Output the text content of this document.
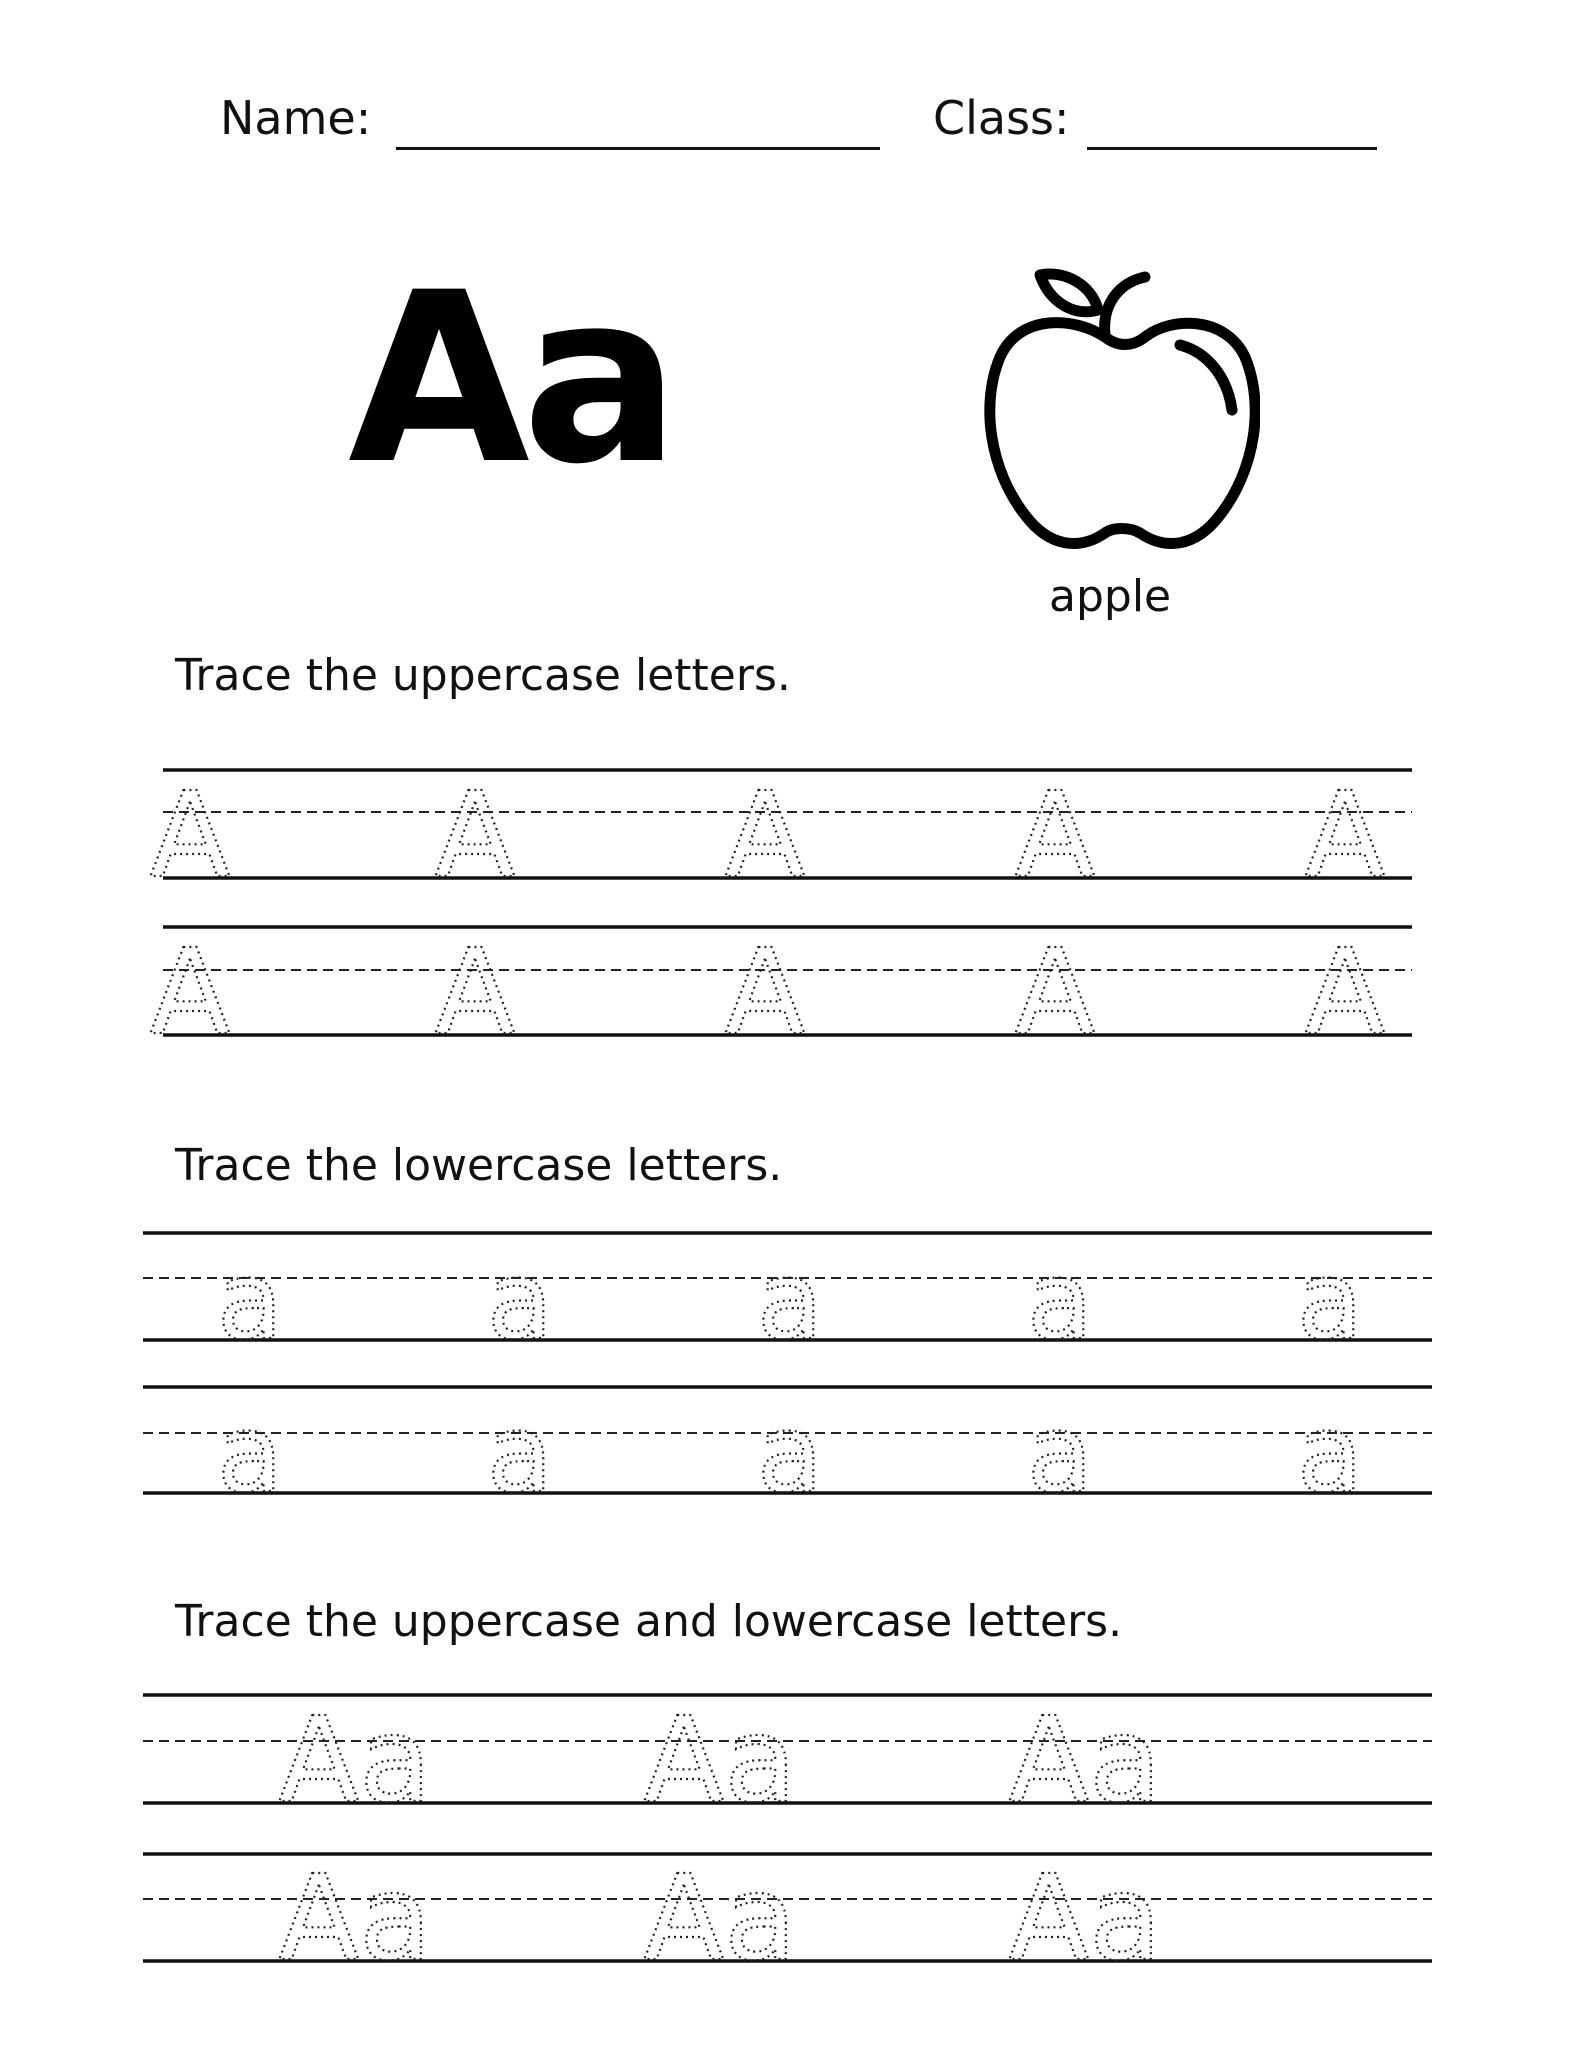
Name:	Class:
Aa
apple
Trace the uppercase letters.
Trace the lowercase letters.
Trace the uppercase and lowercase letters.
A A A A A
A A A A A
a a a a a
a a a a a
Aa Aa Aa
Aa Aa Aa
